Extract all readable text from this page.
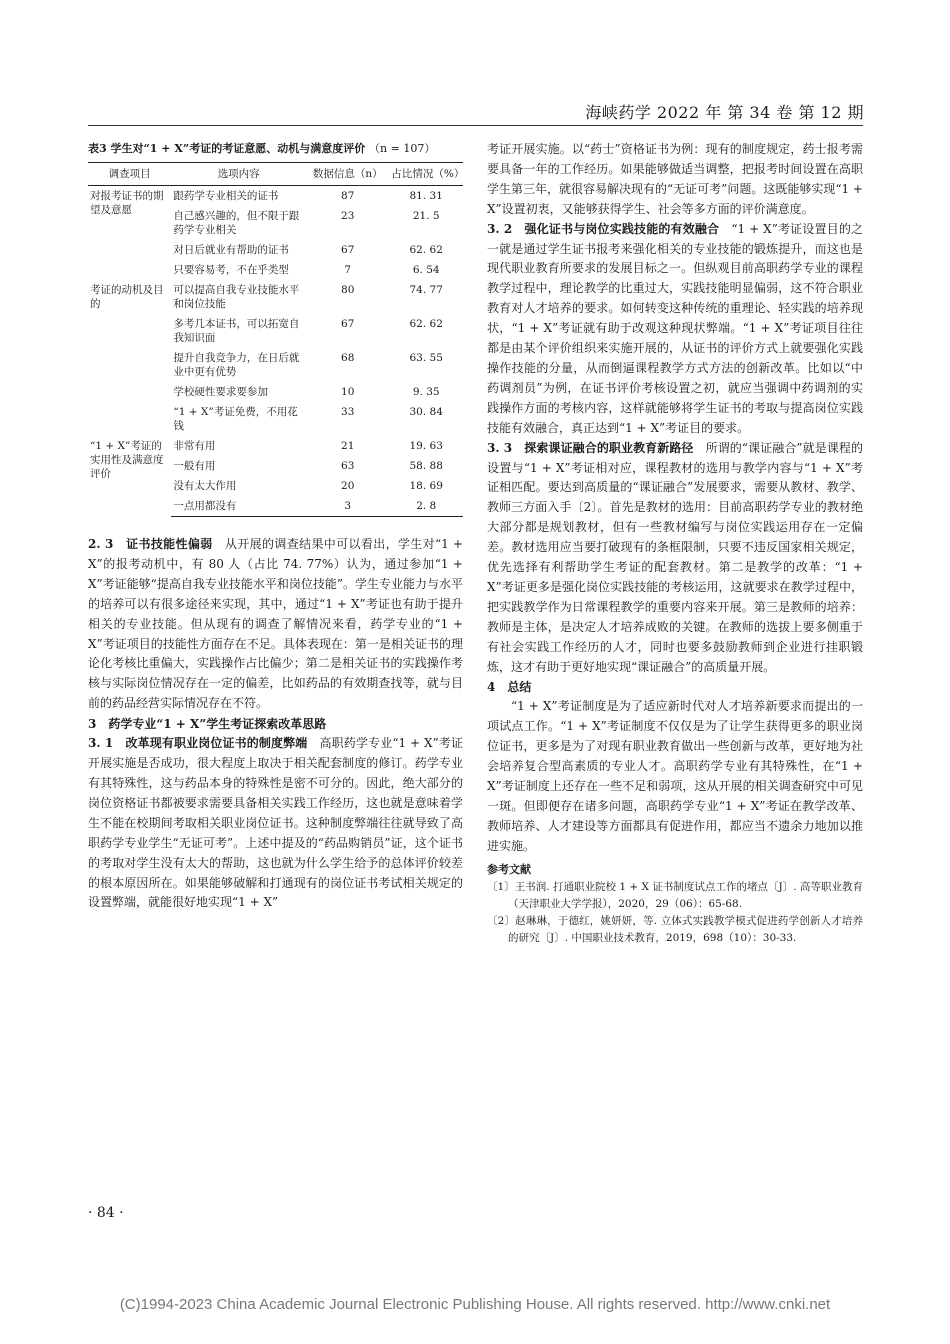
海峡药学 2022 年 第 34 卷 第 12 期
表3 学生对“1 + X”考证的考证意愿、动机与满意度评价 （n = 107）
调查项目	选项内容	数据信息（n）	占比情况（%）
对报考证书的期望及意愿	跟药学专业相关的证书	87	81. 31
	自己感兴趣的，但不限于跟药学专业相关	23	21. 5
	对日后就业有帮助的证书	67	62. 62
	只要容易考，不在乎类型	7	6. 54
考证的动机及目的	可以提高自我专业技能水平和岗位技能	80	74. 77
	多考几本证书，可以拓宽自我知识面	67	62. 62
	提升自我竞争力，在日后就业中更有优势	68	63. 55
	学校硬性要求要参加	10	9. 35
	“1 + X”考证免费，不用花钱	33	30. 84
“1 + X”考证的实用性及满意度评价	非常有用	21	19. 63
	一般有用	63	58. 88
	没有太大作用	20	18. 69
	一点用都没有	3	2. 8

2. 3　证书技能性偏弱　 从开展的调查结果中可以看出，学生对“1 + X”的报考动机中，有 80 人（占比 74. 77%）认为，通过参加“1 + X”考证能够“提高自我专业技能水平和岗位技能”。学生专业能力与水平的培养可以有很多途径来实现，其中，通过“1 + X”考证也有助于提升相关的专业技能。但从现有的调查了解情况来看，药学专业的“1 + X”考证项目的技能性方面存在不足。具体表现在：第一是相关证书的理论化考核比重偏大，实践操作占比偏少；第二是相关证书的实践操作考核与实际岗位情况存在一定的偏差，比如药品的有效期查找等，就与目前的药品经营实际情况存在不符。

3　药学专业“1 + X”学生考证探索改革思路

3. 1　改革现有职业岗位证书的制度弊端　 高职药学专业“1 + X”考证开展实施是否成功，很大程度上取决于相关配套制度的修订。药学专业有其特殊性，这与药品本身的特殊性是密不可分的。因此，绝大部分的岗位资格证书都被要求需要具备相关实践工作经历，这也就是意味着学生不能在校期间考取相关职业岗位证书。这种制度弊端往往就导致了高职药学专业学生“无证可考”。上述中提及的“药品购销员”证，这个证书的考取对学生没有太大的帮助，这也就为什么学生给予的总体评价较差的根本原因所在。如果能够破解和打通现有的岗位证书考试相关规定的设置弊端，就能很好地实现“1 + X”

考证开展实施。以“药士”资格证书为例：现有的制度规定，药士报考需要具备一年的工作经历。如果能够做适当调整，把报考时间设置在高职学生第三年，就很容易解决现有的“无证可考”问题。这既能够实现“1 + X”设置初衷，又能够获得学生、社会等多方面的评价满意度。

3. 2　强化证书与岗位实践技能的有效融合　 “1 + X”考证设置目的之一就是通过学生证书报考来强化相关的专业技能的锻炼提升，而这也是现代职业教育所要求的发展目标之一。但纵观目前高职药学专业的课程教学过程中，理论教学的比重过大，实践技能明显偏弱，这不符合职业教育对人才培养的要求。如何转变这种传统的重理论、轻实践的培养现状，“1 + X”考证就有助于改观这种现状弊端。“1 + X”考证项目往往都是由某个评价组织来实施开展的，从证书的评价方式上就要强化实践操作技能的分量，从而倒逼课程教学方式方法的创新改革。比如以“中药调剂员”为例，在证书评价考核设置之初，就应当强调中药调剂的实践操作方面的考核内容，这样就能够将学生证书的考取与提高岗位实践技能有效融合，真正达到“1 + X”考证目的要求。

3. 3　探索课证融合的职业教育新路径　 所谓的“课证融合”就是课程的设置与“1 + X”考证相对应，课程教材的选用与教学内容与“1 + X”考证相匹配。要达到高质量的“课证融合”发展要求，需要从教材、教学、教师三方面入手〔2〕。首先是教材的选用：目前高职药学专业的教材绝大部分都是规划教材，但有一些教材编写与岗位实践运用存在一定偏差。教材选用应当要打破现有的条框限制，只要不违反国家相关规定，优先选择有利帮助学生考证的配套教材。第二是教学的改革：“1 + X”考证更多是强化岗位实践技能的考核运用，这就要求在教学过程中，把实践教学作为日常课程教学的重要内容来开展。第三是教师的培养：教师是主体，是决定人才培养成败的关键。在教师的选拔上要多侧重于有社会实践工作经历的人才，同时也要多鼓励教师到企业进行挂职锻炼，这才有助于更好地实现“课证融合”的高质量开展。

4　总结

“1 + X”考证制度是为了适应新时代对人才培养新要求而提出的一项试点工作。“1 + X”考证制度不仅仅是为了让学生获得更多的职业岗位证书，更多是为了对现有职业教育做出一些创新与改革，更好地为社会培养复合型高素质的专业人才。高职药学专业有其特殊性，在“1 + X”考证制度上还存在一些不足和弱项，这从开展的相关调查研究中可见一斑。但即便存在诸多问题，高职药学专业“1 + X”考证在教学改革、教师培养、人才建设等方面都具有促进作用，都应当不遗余力地加以推进实施。

参考文献
〔1〕王书润. 打通职业院校 1 + X 证书制度试点工作的堵点〔J〕. 高等职业教育（天津职业大学学报），2020，29（06）：65-68.
〔2〕赵琳琳，于德红，姚妍妍，等. 立体式实践教学模式促进药学创新人才培养的研究〔J〕. 中国职业技术教育，2019，698（10）：30-33.
· 84 ·
(C)1994-2023 China Academic Journal Electronic Publishing House. All rights reserved. http://www.cnki.net
